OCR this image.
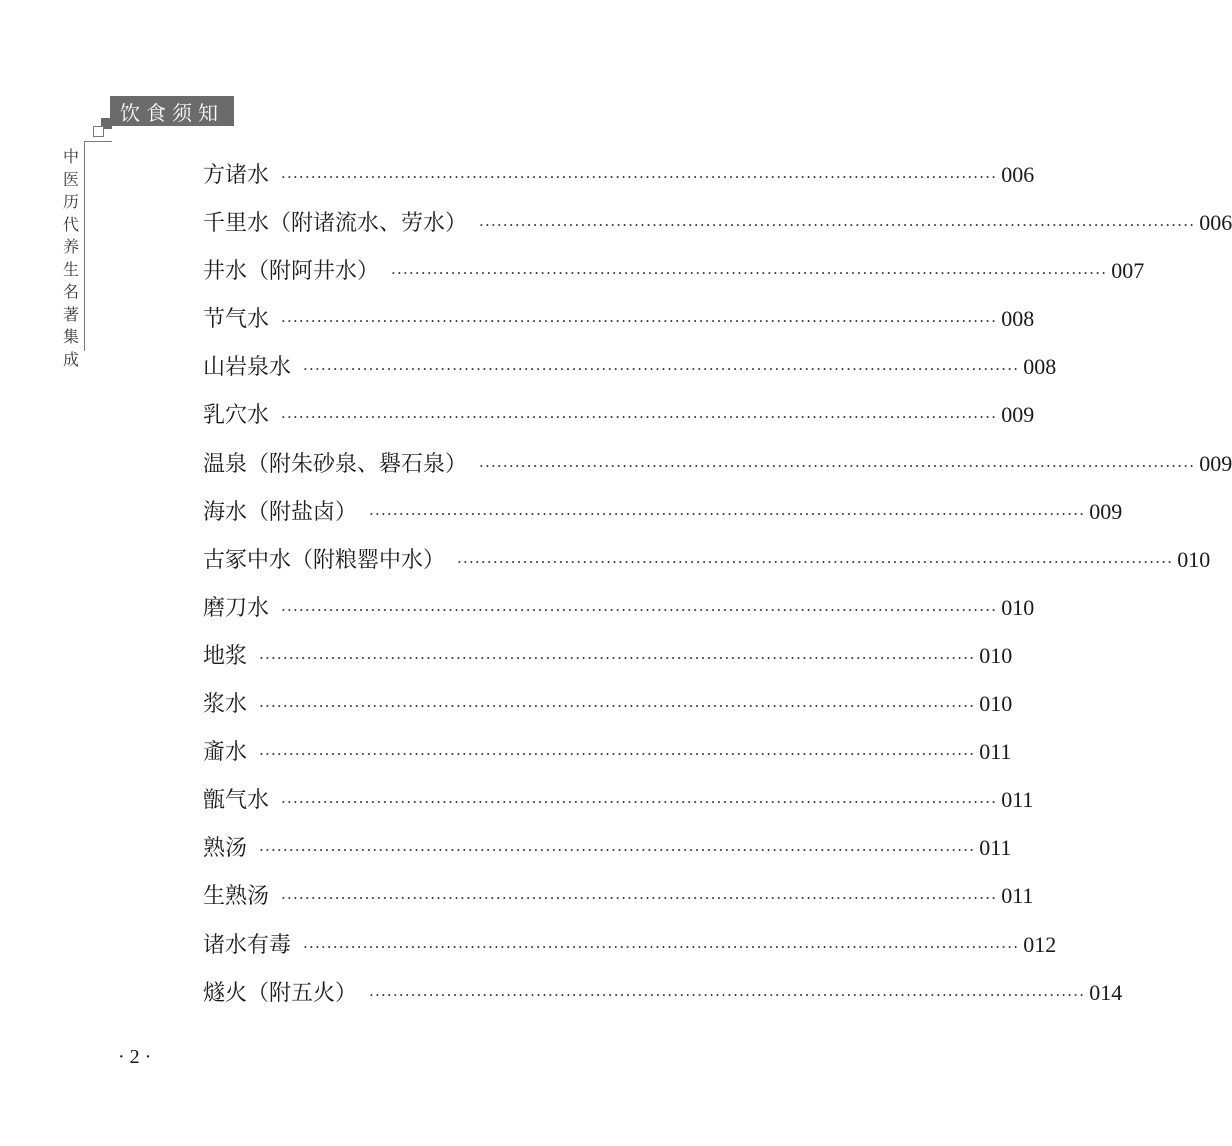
饮食须知
中医历代养生名著集成
方诸水 ························································································································ 006
千里水（附诸流水、劳水） ························································································································ 006
井水（附阿井水） ························································································································ 007
节气水 ························································································································ 008
山岩泉水 ························································································································ 008
乳穴水 ························································································································ 009
温泉（附朱砂泉、礜石泉） ························································································································ 009
海水（附盐卤） ························································································································ 009
古冢中水（附粮罂中水） ························································································································ 010
磨刀水 ························································································································ 010
地浆 ························································································································ 010
浆水 ························································································································ 010
齑水 ························································································································ 011
甑气水 ························································································································ 011
熟汤 ························································································································ 011
生熟汤 ························································································································ 011
诸水有毒 ························································································································ 012
燧火（附五火） ························································································································ 014
· 2 ·
